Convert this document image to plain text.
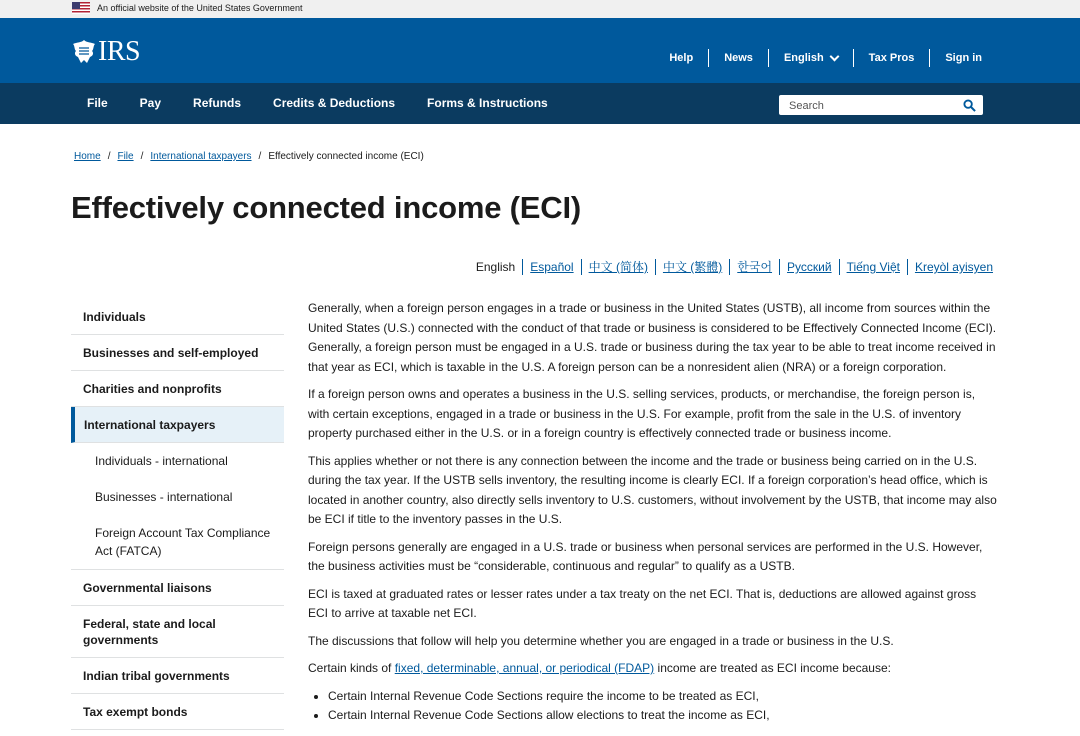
An official website of the United States Government
IRS	Help	News	English	Tax Pros	Sign in
File	Pay	Refunds	Credits & Deductions	Forms & Instructions
Search
Home / File / International taxpayers / Effectively connected income (ECI)
Effectively connected income (ECI)
English	Español	中文 (简体)	中文 (繁體)	한국어	Русский	Tiếng Việt	Kreyòl ayisyen
Individuals
Businesses and self-employed
Charities and nonprofits
International taxpayers
Individuals - international
Businesses - international
Foreign Account Tax Compliance Act (FATCA)
Governmental liaisons
Federal, state and local governments
Indian tribal governments
Tax exempt bonds

Generally, when a foreign person engages in a trade or business in the United States (USTB), all income from sources within the United States (U.S.) connected with the conduct of that trade or business is considered to be Effectively Connected Income (ECI). Generally, a foreign person must be engaged in a U.S. trade or business during the tax year to be able to treat income received in that year as ECI, which is taxable in the U.S. A foreign person can be a nonresident alien (NRA) or a foreign corporation.

If a foreign person owns and operates a business in the U.S. selling services, products, or merchandise, the foreign person is, with certain exceptions, engaged in a trade or business in the U.S. For example, profit from the sale in the U.S. of inventory property purchased either in the U.S. or in a foreign country is effectively connected trade or business income.

This applies whether or not there is any connection between the income and the trade or business being carried on in the U.S. during the tax year. If the USTB sells inventory, the resulting income is clearly ECI. If a foreign corporation’s head office, which is located in another country, also directly sells inventory to U.S. customers, without involvement by the USTB, that income may also be ECI if title to the inventory passes in the U.S.

Foreign persons generally are engaged in a U.S. trade or business when personal services are performed in the U.S. However, the business activities must be “considerable, continuous and regular” to qualify as a USTB.

ECI is taxed at graduated rates or lesser rates under a tax treaty on the net ECI. That is, deductions are allowed against gross ECI to arrive at taxable net ECI.

The discussions that follow will help you determine whether you are engaged in a trade or business in the U.S.

Certain kinds of fixed, determinable, annual, or periodical (FDAP) income are treated as ECI income because:

• Certain Internal Revenue Code Sections require the income to be treated as ECI,
• Certain Internal Revenue Code Sections allow elections to treat the income as ECI,
